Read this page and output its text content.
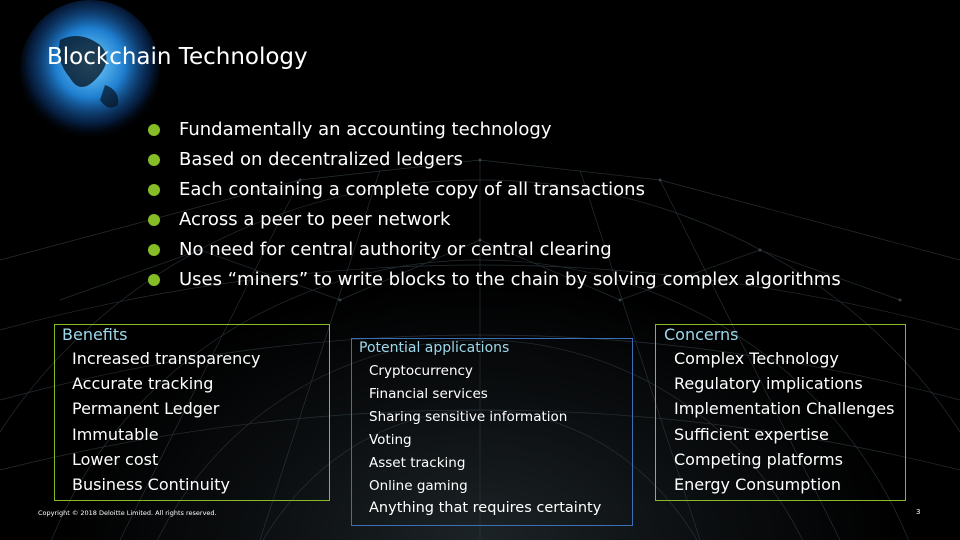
Blockchain Technology
Fundamentally an accounting technology
Based on decentralized ledgers
Each containing a complete copy of all transactions
Across a peer to peer network
No need for central authority or central clearing
Uses “miners” to write blocks to the chain by solving complex algorithms
Benefits
Increased transparency
Accurate tracking
Permanent Ledger
Immutable
Lower cost
Business Continuity
Potential applications
Cryptocurrency
Financial services
Sharing sensitive information
Voting
Asset tracking
Online gaming
Anything that requires certainty
Concerns
Complex Technology
Regulatory implications
Implementation Challenges
Sufficient expertise
Competing platforms
Energy Consumption
Copyright © 2018 Deloitte Limited. All rights reserved.	3
